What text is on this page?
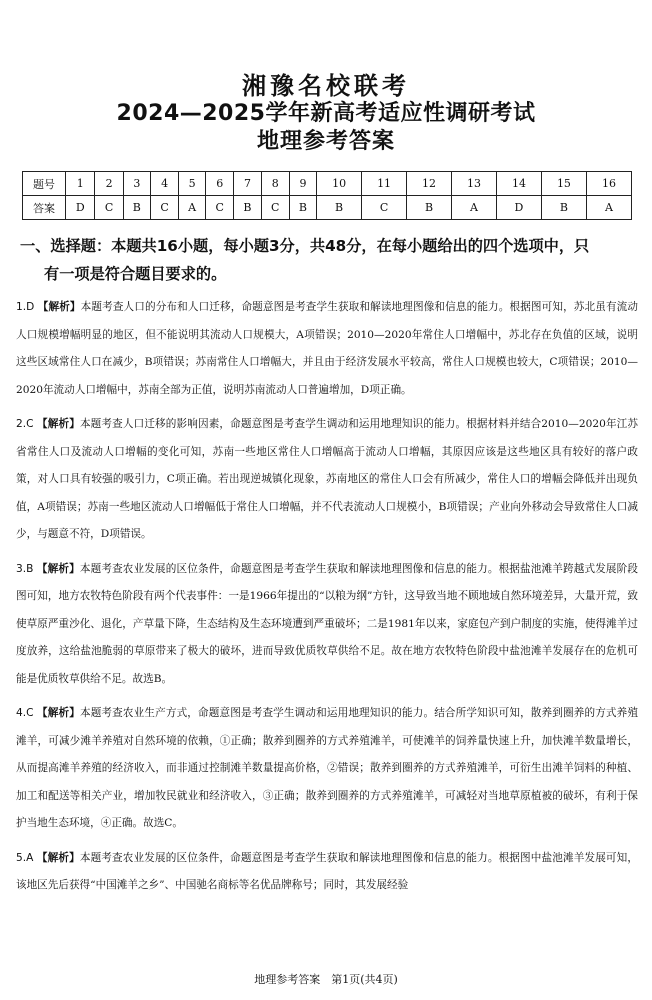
湘豫名校联考
2024—2025学年新高考适应性调研考试
地理参考答案
题号	1	2	3	4	5	6	7	8	9	10	11	12	13	14	15	16
答案	D	C	B	C	A	C	B	C	B	B	C	B	A	D	B	A
一、选择题：本题共16小题，每小题3分，共48分，在每小题给出的四个选项中，只
有一项是符合题目要求的。

1.D 【解析】本题考查人口的分布和人口迁移，命题意图是考查学生获取和解读地理图像和信息的能力。根据图可知，苏北虽有流动人口规模增幅明显的地区，但不能说明其流动人口规模大，A项错误；2010—2020年常住人口增幅中，苏北存在负值的区域，说明这些区域常住人口在减少，B项错误；苏南常住人口增幅大，并且由于经济发展水平较高，常住人口规模也较大，C项错误；2010—2020年流动人口增幅中，苏南全部为正值，说明苏南流动人口普遍增加，D项正确。

2.C 【解析】本题考查人口迁移的影响因素，命题意图是考查学生调动和运用地理知识的能力。根据材料并结合2010—2020年江苏省常住人口及流动人口增幅的变化可知，苏南一些地区常住人口增幅高于流动人口增幅，其原因应该是这些地区具有较好的落户政策，对人口具有较强的吸引力，C项正确。若出现逆城镇化现象，苏南地区的常住人口会有所减少，常住人口的增幅会降低并出现负值，A项错误；苏南一些地区流动人口增幅低于常住人口增幅，并不代表流动人口规模小，B项错误；产业向外移动会导致常住人口减少，与题意不符，D项错误。

3.B 【解析】本题考查农业发展的区位条件，命题意图是考查学生获取和解读地理图像和信息的能力。根据盐池滩羊跨越式发展阶段图可知，地方农牧特色阶段有两个代表事件：一是1966年提出的“以粮为纲”方针，这导致当地不顾地域自然环境差异，大量开荒，致使草原严重沙化、退化，产草量下降，生态结构及生态环境遭到严重破坏；二是1981年以来，家庭包产到户制度的实施，使得滩羊过度放养，这给盐池脆弱的草原带来了极大的破坏，进而导致优质牧草供给不足。故在地方农牧特色阶段中盐池滩羊发展存在的危机可能是优质牧草供给不足。故选B。

4.C 【解析】本题考查农业生产方式，命题意图是考查学生调动和运用地理知识的能力。结合所学知识可知，散养到圈养的方式养殖滩羊，可减少滩羊养殖对自然环境的依赖，①正确；散养到圈养的方式养殖滩羊，可使滩羊的饲养量快速上升，加快滩羊数量增长，从而提高滩羊养殖的经济收入，而非通过控制滩羊数量提高价格，②错误；散养到圈养的方式养殖滩羊，可衍生出滩羊饲料的种植、加工和配送等相关产业，增加牧民就业和经济收入，③正确；散养到圈养的方式养殖滩羊，可减轻对当地草原植被的破坏，有利于保护当地生态环境，④正确。故选C。

5.A 【解析】本题考查农业发展的区位条件，命题意图是考查学生获取和解读地理图像和信息的能力。根据图中盐池滩羊发展可知，该地区先后获得“中国滩羊之乡”、中国驰名商标等名优品牌称号；同时，其发展经验

地理参考答案　第1页(共4页)
